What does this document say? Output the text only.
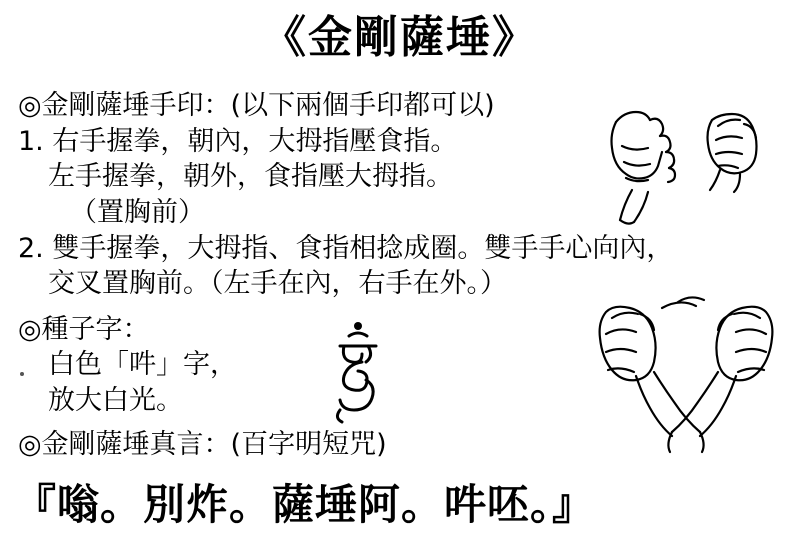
《金剛薩埵》
◎金剛薩埵手印：(以下兩個手印都可以)
1. 右手握拳，朝內，大拇指壓食指。
左手握拳，朝外，食指壓大拇指。
（置胸前）
2. 雙手握拳，大拇指、食指相捻成圈。雙手手心向內，
交叉置胸前。（左手在內，右手在外。）
◎種子字：
白色「吽」字，
放大白光。
◎金剛薩埵真言：(百字明短咒)
『嗡。別炸。薩埵阿。吽呸。』
